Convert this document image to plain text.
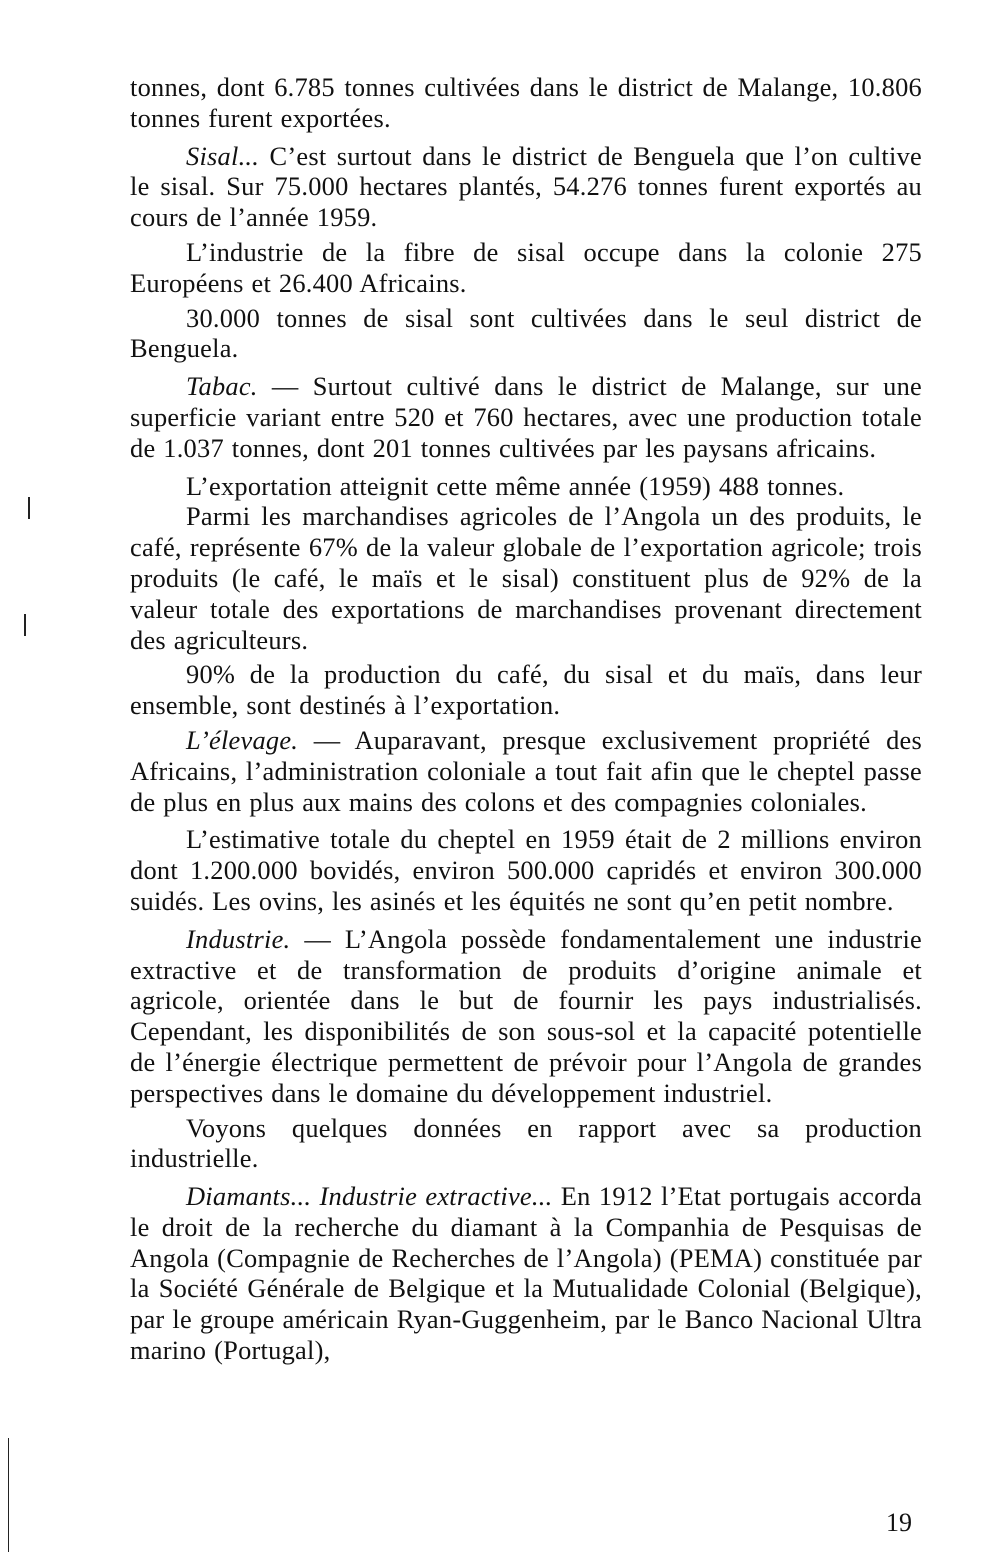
tonnes, dont 6.785 tonnes cultivées dans le district de Malange, 10.806 tonnes furent exportées.

Sisal... C’est surtout dans le district de Benguela que l’on cultive le sisal. Sur 75.000 hectares plantés, 54.276 tonnes furent exportés au cours de l’année 1959.

L’industrie de la fibre de sisal occupe dans la colonie 275 Européens et 26.400 Africains.

30.000 tonnes de sisal sont cultivées dans le seul district de Benguela.

Tabac. — Surtout cultivé dans le district de Malange, sur une superficie variant entre 520 et 760 hectares, avec une production totale de 1.037 tonnes, dont 201 tonnes cultivées par les paysans africains.

L’exportation atteignit cette même année (1959) 488 tonnes.

Parmi les marchandises agricoles de l’Angola un des produits, le café, représente 67% de la valeur globale de l’exportation agricole; trois produits (le café, le maïs et le sisal) constituent plus de 92% de la valeur totale des exportations de marchandises provenant directement des agriculteurs.

90% de la production du café, du sisal et du maïs, dans leur ensemble, sont destinés à l’exportation.

L’élevage. — Auparavant, presque exclusivement propriété des Africains, l’administration coloniale a tout fait afin que le cheptel passe de plus en plus aux mains des colons et des compagnies coloniales.

L’estimative totale du cheptel en 1959 était de 2 millions environ dont 1.200.000 bovidés, environ 500.000 capridés et environ 300.000 suidés. Les ovins, les asinés et les équités ne sont qu’en petit nombre.

Industrie. — L’Angola possède fondamentalement une industrie extractive et de transformation de produits d’origine animale et agricole, orientée dans le but de fournir les pays industrialisés. Cependant, les disponibilités de son sous-sol et la capacité potentielle de l’énergie électrique permettent de prévoir pour l’Angola de grandes perspectives dans le domaine du développement industriel.

Voyons quelques données en rapport avec sa production industrielle.

Diamants... Industrie extractive... En 1912 l’Etat portugais accorda le droit de la recherche du diamant à la Companhia de Pesquisas de Angola (Compagnie de Recherches de l’Angola) (PEMA) constituée par la Société Générale de Belgique et la Mutualidade Colonial (Belgique), par le groupe américain Ryan-Guggenheim, par le Banco Nacional Ultra marino (Portugal),

19
